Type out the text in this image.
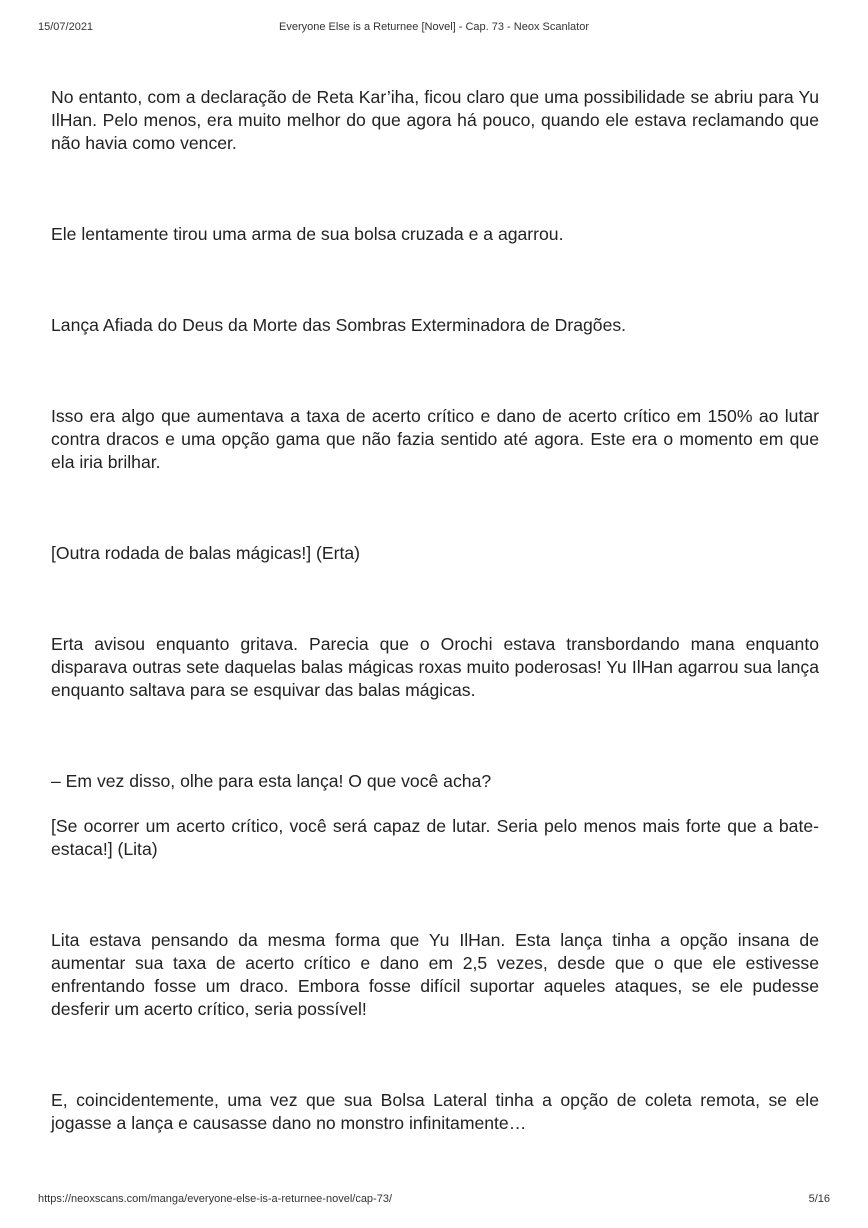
15/07/2021	Everyone Else is a Returnee [Novel] - Cap. 73 - Neox Scanlator

No entanto, com a declaração de Reta Kar’iha, ficou claro que uma possibilidade se abriu para Yu IlHan. Pelo menos, era muito melhor do que agora há pouco, quando ele estava reclamando que não havia como vencer.

Ele lentamente tirou uma arma de sua bolsa cruzada e a agarrou.

Lança Afiada do Deus da Morte das Sombras Exterminadora de Dragões.

Isso era algo que aumentava a taxa de acerto crítico e dano de acerto crítico em 150% ao lutar contra dracos e uma opção gama que não fazia sentido até agora. Este era o momento em que ela iria brilhar.

[Outra rodada de balas mágicas!] (Erta)

Erta avisou enquanto gritava. Parecia que o Orochi estava transbordando mana enquanto disparava outras sete daquelas balas mágicas roxas muito poderosas! Yu IlHan agarrou sua lança enquanto saltava para se esquivar das balas mágicas.

– Em vez disso, olhe para esta lança! O que você acha?

[Se ocorrer um acerto crítico, você será capaz de lutar. Seria pelo menos mais forte que a bate-estaca!] (Lita)

Lita estava pensando da mesma forma que Yu IlHan. Esta lança tinha a opção insana de aumentar sua taxa de acerto crítico e dano em 2,5 vezes, desde que o que ele estivesse enfrentando fosse um draco. Embora fosse difícil suportar aqueles ataques, se ele pudesse desferir um acerto crítico, seria possível!

E, coincidentemente, uma vez que sua Bolsa Lateral tinha a opção de coleta remota, se ele jogasse a lança e causasse dano no monstro infinitamente…

https://neoxscans.com/manga/everyone-else-is-a-returnee-novel/cap-73/	5/16
